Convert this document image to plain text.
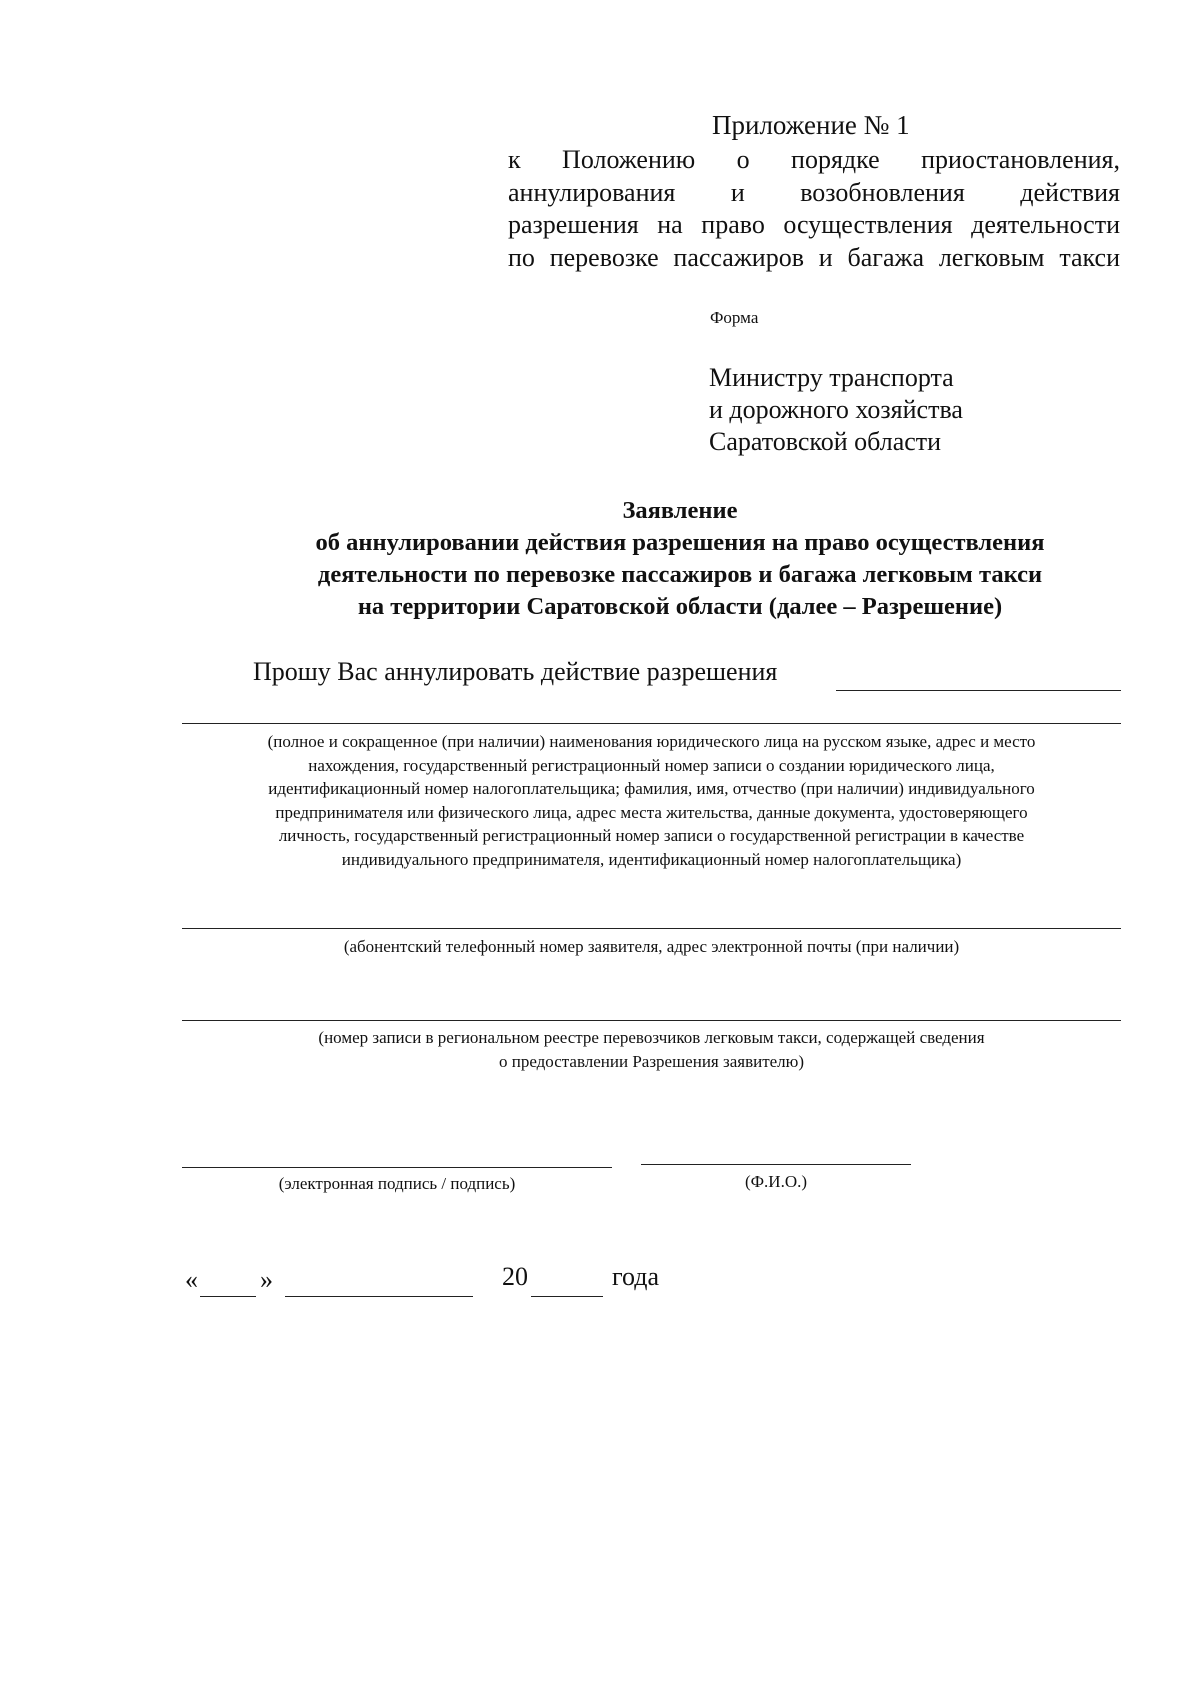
Приложение № 1
к Положению о порядке приостановления,
аннулирования и возобновления действия
разрешения на право осуществления деятельности
по перевозке пассажиров и багажа легковым такси
Форма
Министру транспорта
и дорожного хозяйства
Саратовской области
Заявление
об аннулировании действия разрешения на право осуществления
деятельности по перевозке пассажиров и багажа легковым такси
на территории Саратовской области (далее – Разрешение)
Прошу Вас аннулировать действие разрешения
(полное и сокращенное (при наличии) наименования юридического лица на русском языке, адрес и место
нахождения, государственный регистрационный номер записи о создании юридического лица,
идентификационный номер налогоплательщика; фамилия, имя, отчество (при наличии) индивидуального
предпринимателя или физического лица, адрес места жительства, данные документа, удостоверяющего
личность, государственный регистрационный номер записи о государственной регистрации в качестве
индивидуального предпринимателя, идентификационный номер налогоплательщика)
(абонентский телефонный номер заявителя, адрес электронной почты (при наличии)
(номер записи в региональном реестре перевозчиков легковым такси, содержащей сведения
о предоставлении Разрешения заявителю)
(электронная подпись / подпись)	(Ф.И.О.)
« »	20	года
